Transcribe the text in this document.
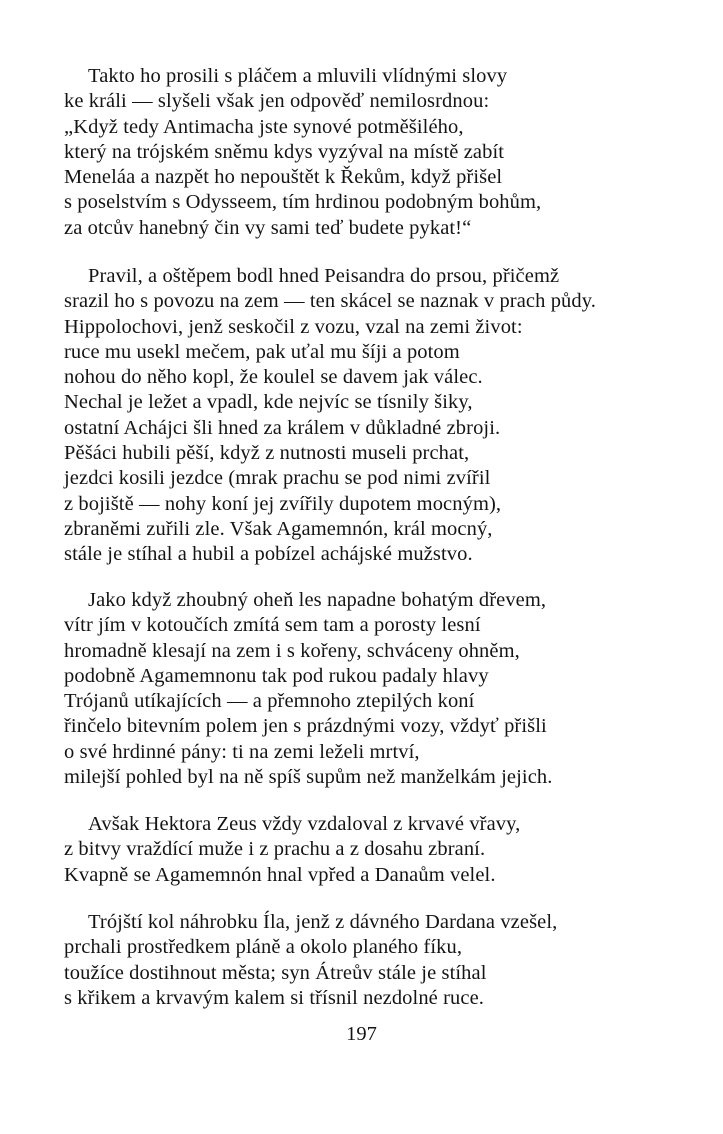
Takto ho prosili s pláčem a mluvili vlídnými slovy
ke králi — slyšeli však jen odpověď nemilosrdnou:
„Když tedy Antimacha jste synové potměšilého,
který na trójském sněmu kdys vyzýval na místě zabít
Meneláa a nazpět ho nepouštět k Řekům, když přišel
s poselstvím s Odysseem, tím hrdinou podobným bohům,
za otcův hanebný čin vy sami teď budete pykat!“
Pravil, a oštěpem bodl hned Peisandra do prsou, přičemž
srazil ho s povozu na zem — ten skácel se naznak v prach půdy.
Hippolochovi, jenž seskočil z vozu, vzal na zemi život:
ruce mu usekl mečem, pak uťal mu šíji a potom
nohou do něho kopl, že koulel se davem jak válec.
Nechal je ležet a vpadl, kde nejvíc se tísnily šiky,
ostatní Achájci šli hned za králem v důkladné zbroji.
Pěšáci hubili pěší, když z nutnosti museli prchat,
jezdci kosili jezdce (mrak prachu se pod nimi zvířil
z bojiště — nohy koní jej zvířily dupotem mocným),
zbraněmi zuřili zle. Však Agamemnón, král mocný,
stále je stíhal a hubil a pobízel achájské mužstvo.
Jako když zhoubný oheň les napadne bohatým dřevem,
vítr jím v kotoučích zmítá sem tam a porosty lesní
hromadně klesají na zem i s kořeny, schváceny ohněm,
podobně Agamemnonu tak pod rukou padaly hlavy
Trójanů utíkajících — a přemnoho ztepilých koní
řinčelo bitevním polem jen s prázdnými vozy, vždyť přišli
o své hrdinné pány: ti na zemi leželi mrtví,
milejší pohled byl na ně spíš supům než manželkám jejich.
Avšak Hektora Zeus vždy vzdaloval z krvavé vřavy,
z bitvy vraždící muže i z prachu a z dosahu zbraní.
Kvapně se Agamemnón hnal vpřed a Danaům velel.
Trójští kol náhrobku Íla, jenž z dávného Dardana vzešel,
prchali prostředkem pláně a okolo planého fíku,
toužíce dostihnout města; syn Átreův stále je stíhal
s křikem a krvavým kalem si třísnil nezdolné ruce.
197
